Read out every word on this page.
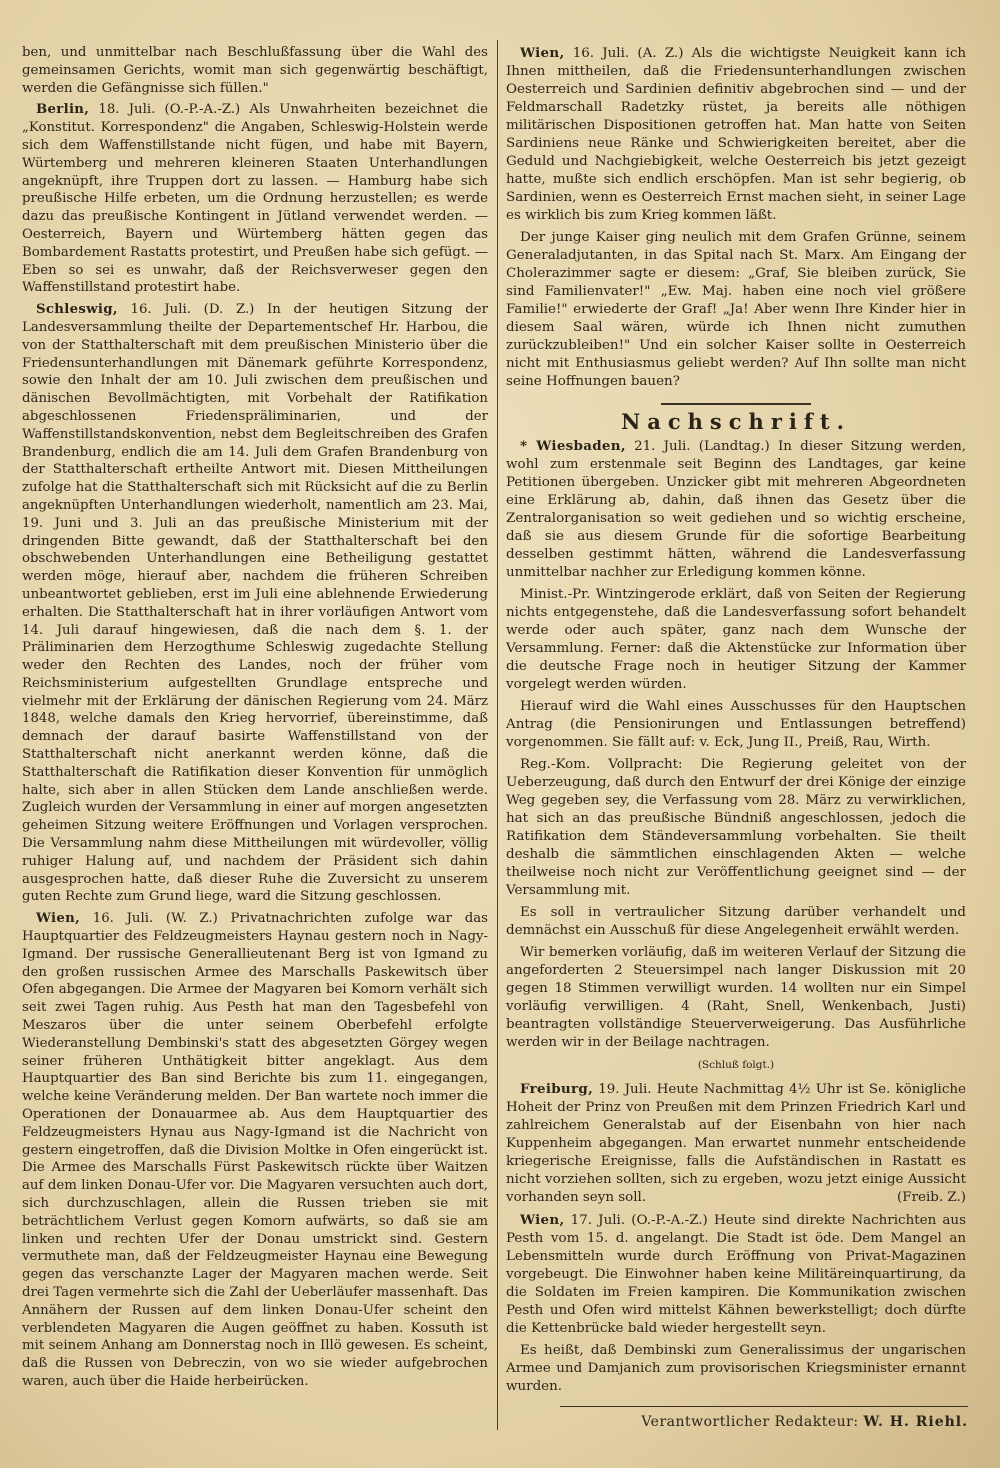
ben, und unmittelbar nach Beschlußfassung über die Wahl des gemeinsamen Gerichts, womit man sich gegenwärtig beschäftigt, werden die Gefängnisse sich füllen."

Berlin, 18. Juli. (O.-P.-A.-Z.) Als Unwahrheiten bezeichnet die „Konstitut. Korrespondenz" die Angaben, Schleswig-Holstein werde sich dem Waffenstillstande nicht fügen, und habe mit Bayern, Würtemberg und mehreren kleineren Staaten Unterhandlungen angeknüpft, ihre Truppen dort zu lassen. — Hamburg habe sich preußische Hilfe erbeten, um die Ordnung herzustellen; es werde dazu das preußische Kontingent in Jütland verwendet werden. — Oesterreich, Bayern und Würtemberg hätten gegen das Bombardement Rastatts protestirt, und Preußen habe sich gefügt. — Eben so sei es unwahr, daß der Reichsverweser gegen den Waffenstillstand protestirt habe.

Schleswig, 16. Juli. (D. Z.) In der heutigen Sitzung der Landesversammlung theilte der Departementschef Hr. Harbou, die von der Statthalterschaft mit dem preußischen Ministerio über die Friedensunterhandlungen mit Dänemark geführte Korrespondenz, sowie den Inhalt der am 10. Juli zwischen dem preußischen und dänischen Bevollmächtigten, mit Vorbehalt der Ratifikation abgeschlossenen Friedenspräliminarien, und der Waffenstillstandskonvention, nebst dem Begleitschreiben des Grafen Brandenburg, endlich die am 14. Juli dem Grafen Brandenburg von der Statthalterschaft ertheilte Antwort mit. Diesen Mittheilungen zufolge hat die Statthalterschaft sich mit Rücksicht auf die zu Berlin angeknüpften Unterhandlungen wiederholt, namentlich am 23. Mai, 19. Juni und 3. Juli an das preußische Ministerium mit der dringenden Bitte gewandt, daß der Statthalterschaft bei den obschwebenden Unterhandlungen eine Betheiligung gestattet werden möge, hierauf aber, nachdem die früheren Schreiben unbeantwortet geblieben, erst im Juli eine ablehnende Erwiederung erhalten. Die Statthalterschaft hat in ihrer vorläufigen Antwort vom 14. Juli darauf hingewiesen, daß die nach dem §. 1. der Präliminarien dem Herzogthume Schleswig zugedachte Stellung weder den Rechten des Landes, noch der früher vom Reichsministerium aufgestellten Grundlage entspreche und vielmehr mit der Erklärung der dänischen Regierung vom 24. März 1848, welche damals den Krieg hervorrief, übereinstimme, daß demnach der darauf basirte Waffenstillstand von der Statthalterschaft nicht anerkannt werden könne, daß die Statthalterschaft die Ratifikation dieser Konvention für unmöglich halte, sich aber in allen Stücken dem Lande anschließen werde. Zugleich wurden der Versammlung in einer auf morgen angesetzten geheimen Sitzung weitere Eröffnungen und Vorlagen versprochen. Die Versammlung nahm diese Mittheilungen mit würdevoller, völlig ruhiger Halung auf, und nachdem der Präsident sich dahin ausgesprochen hatte, daß dieser Ruhe die Zuversicht zu unserem guten Rechte zum Grund liege, ward die Sitzung geschlossen.

Wien, 16. Juli. (W. Z.) Privatnachrichten zufolge war das Hauptquartier des Feldzeugmeisters Haynau gestern noch in Nagy-Igmand. Der russische Generallieutenant Berg ist von Igmand zu den großen russischen Armee des Marschalls Paskewitsch über Ofen abgegangen. Die Armee der Magyaren bei Komorn verhält sich seit zwei Tagen ruhig. Aus Pesth hat man den Tagesbefehl von Meszaros über die unter seinem Oberbefehl erfolgte Wiederanstellung Dembinski's statt des abgesetzten Görgey wegen seiner früheren Unthätigkeit bitter angeklagt. Aus dem Hauptquartier des Ban sind Berichte bis zum 11. eingegangen, welche keine Veränderung melden. Der Ban wartete noch immer die Operationen der Donauarmee ab. Aus dem Hauptquartier des Feldzeugmeisters Hynau aus Nagy-Igmand ist die Nachricht von gestern eingetroffen, daß die Division Moltke in Ofen eingerückt ist. Die Armee des Marschalls Fürst Paskewitsch rückte über Waitzen auf dem linken Donau-Ufer vor. Die Magyaren versuchten auch dort, sich durchzuschlagen, allein die Russen trieben sie mit beträchtlichem Verlust gegen Komorn aufwärts, so daß sie am linken und rechten Ufer der Donau umstrickt sind. Gestern vermuthete man, daß der Feldzeugmeister Haynau eine Bewegung gegen das verschanzte Lager der Magyaren machen werde. Seit drei Tagen vermehrte sich die Zahl der Ueberläufer massenhaft. Das Annähern der Russen auf dem linken Donau-Ufer scheint den verblendeten Magyaren die Augen geöffnet zu haben. Kossuth ist mit seinem Anhang am Donnerstag noch in Illö gewesen. Es scheint, daß die Russen von Debreczin, von wo sie wieder aufgebrochen waren, auch über die Haide herbeirücken.

Wien, 16. Juli. (A. Z.) Als die wichtigste Neuigkeit kann ich Ihnen mittheilen, daß die Friedensunterhandlungen zwischen Oesterreich und Sardinien definitiv abgebrochen sind — und der Feldmarschall Radetzky rüstet, ja bereits alle nöthigen militärischen Dispositionen getroffen hat. Man hatte von Seiten Sardiniens neue Ränke und Schwierigkeiten bereitet, aber die Geduld und Nachgiebigkeit, welche Oesterreich bis jetzt gezeigt hatte, mußte sich endlich erschöpfen. Man ist sehr begierig, ob Sardinien, wenn es Oesterreich Ernst machen sieht, in seiner Lage es wirklich bis zum Krieg kommen läßt.

Der junge Kaiser ging neulich mit dem Grafen Grünne, seinem Generaladjutanten, in das Spital nach St. Marx. Am Eingang der Cholerazimmer sagte er diesem: „Graf, Sie bleiben zurück, Sie sind Familienvater!" „Ew. Maj. haben eine noch viel größere Familie!" erwiederte der Graf! „Ja! Aber wenn Ihre Kinder hier in diesem Saal wären, würde ich Ihnen nicht zumuthen zurückzubleiben!" Und ein solcher Kaiser sollte in Oesterreich nicht mit Enthusiasmus geliebt werden? Auf Ihn sollte man nicht seine Hoffnungen bauen?

Nachschrift.

* Wiesbaden, 21. Juli. (Landtag.) In dieser Sitzung werden, wohl zum erstenmale seit Beginn des Landtages, gar keine Petitionen übergeben. Unzicker gibt mit mehreren Abgeordneten eine Erklärung ab, dahin, daß ihnen das Gesetz über die Zentralorganisation so weit gediehen und so wichtig erscheine, daß sie aus diesem Grunde für die sofortige Bearbeitung desselben gestimmt hätten, während die Landesverfassung unmittelbar nachher zur Erledigung kommen könne.

Minist.-Pr. Wintzingerode erklärt, daß von Seiten der Regierung nichts entgegenstehe, daß die Landesverfassung sofort behandelt werde oder auch später, ganz nach dem Wunsche der Versammlung. Ferner: daß die Aktenstücke zur Information über die deutsche Frage noch in heutiger Sitzung der Kammer vorgelegt werden würden.

Hierauf wird die Wahl eines Ausschusses für den Hauptschen Antrag (die Pensionirungen und Entlassungen betreffend) vorgenommen. Sie fällt auf: v. Eck, Jung II., Preiß, Rau, Wirth.

Reg.-Kom. Vollpracht: Die Regierung geleitet von der Ueberzeugung, daß durch den Entwurf der drei Könige der einzige Weg gegeben sey, die Verfassung vom 28. März zu verwirklichen, hat sich an das preußische Bündniß angeschlossen, jedoch die Ratifikation dem Ständeversammlung vorbehalten. Sie theilt deshalb die sämmtlichen einschlagenden Akten — welche theilweise noch nicht zur Veröffentlichung geeignet sind — der Versammlung mit.

Es soll in vertraulicher Sitzung darüber verhandelt und demnächst ein Ausschuß für diese Angelegenheit erwählt werden.

Wir bemerken vorläufig, daß im weiteren Verlauf der Sitzung die angeforderten 2 Steuersimpel nach langer Diskussion mit 20 gegen 18 Stimmen verwilligt wurden. 14 wollten nur ein Simpel vorläufig verwilligen. 4 (Raht, Snell, Wenkenbach, Justi) beantragten vollständige Steuerverweigerung. Das Ausführliche werden wir in der Beilage nachtragen.

(Schluß folgt.)

Freiburg, 19. Juli. Heute Nachmittag 4½ Uhr ist Se. königliche Hoheit der Prinz von Preußen mit dem Prinzen Friedrich Karl und zahlreichem Generalstab auf der Eisenbahn von hier nach Kuppenheim abgegangen. Man erwartet nunmehr entscheidende kriegerische Ereignisse, falls die Aufständischen in Rastatt es nicht vorziehen sollten, sich zu ergeben, wozu jetzt einige Aussicht vorhanden seyn soll.	(Freib. Z.)

Wien, 17. Juli. (O.-P.-A.-Z.) Heute sind direkte Nachrichten aus Pesth vom 15. d. angelangt. Die Stadt ist öde. Dem Mangel an Lebensmitteln wurde durch Eröffnung von Privat-Magazinen vorgebeugt. Die Einwohner haben keine Militäreinquartirung, da die Soldaten im Freien kampiren. Die Kommunikation zwischen Pesth und Ofen wird mittelst Kähnen bewerkstelligt; doch dürfte die Kettenbrücke bald wieder hergestellt seyn.

Es heißt, daß Dembinski zum Generalissimus der ungarischen Armee und Damjanich zum provisorischen Kriegsminister ernannt wurden.

Verantwortlicher Redakteur: W. H. Riehl.
